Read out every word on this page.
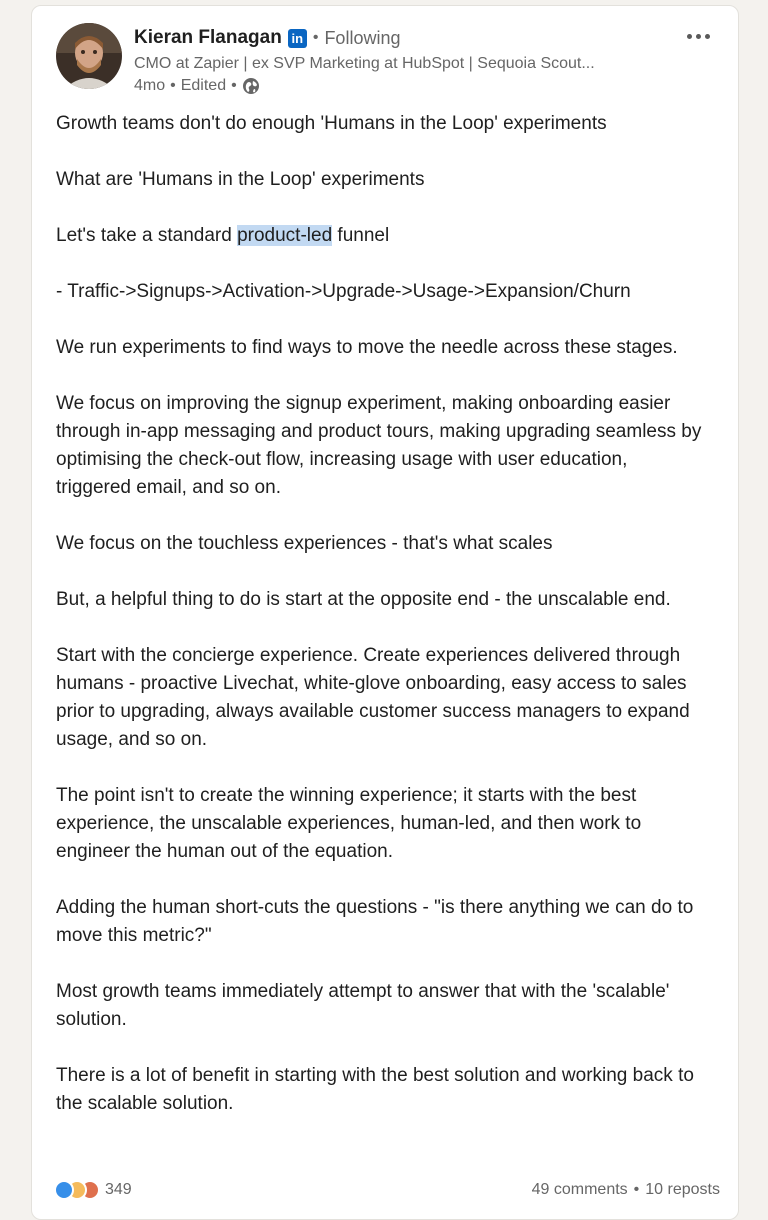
Kieran Flanagan in • Following
CMO at Zapier | ex SVP Marketing at HubSpot | Sequoia Scout...
4mo • Edited •

Growth teams don't do enough 'Humans in the Loop' experiments

What are 'Humans in the Loop' experiments

Let's take a standard product-led funnel

- Traffic->Signups->Activation->Upgrade->Usage->Expansion/Churn

We run experiments to find ways to move the needle across these stages.

We focus on improving the signup experiment, making onboarding easier through in-app messaging and product tours, making upgrading seamless by optimising the check-out flow, increasing usage with user education, triggered email, and so on.

We focus on the touchless experiences - that's what scales

But, a helpful thing to do is start at the opposite end - the unscalable end.

Start with the concierge experience. Create experiences delivered through humans - proactive Livechat, white-glove onboarding, easy access to sales prior to upgrading, always available customer success managers to expand usage, and so on.

The point isn't to create the winning experience; it starts with the best experience, the unscalable experiences, human-led, and then work to engineer the human out of the equation.

Adding the human short-cuts the questions - "is there anything we can do to move this metric?"

Most growth teams immediately attempt to answer that with the 'scalable' solution.

There is a lot of benefit in starting with the best solution and working back to the scalable solution.

349	49 comments • 10 reposts
